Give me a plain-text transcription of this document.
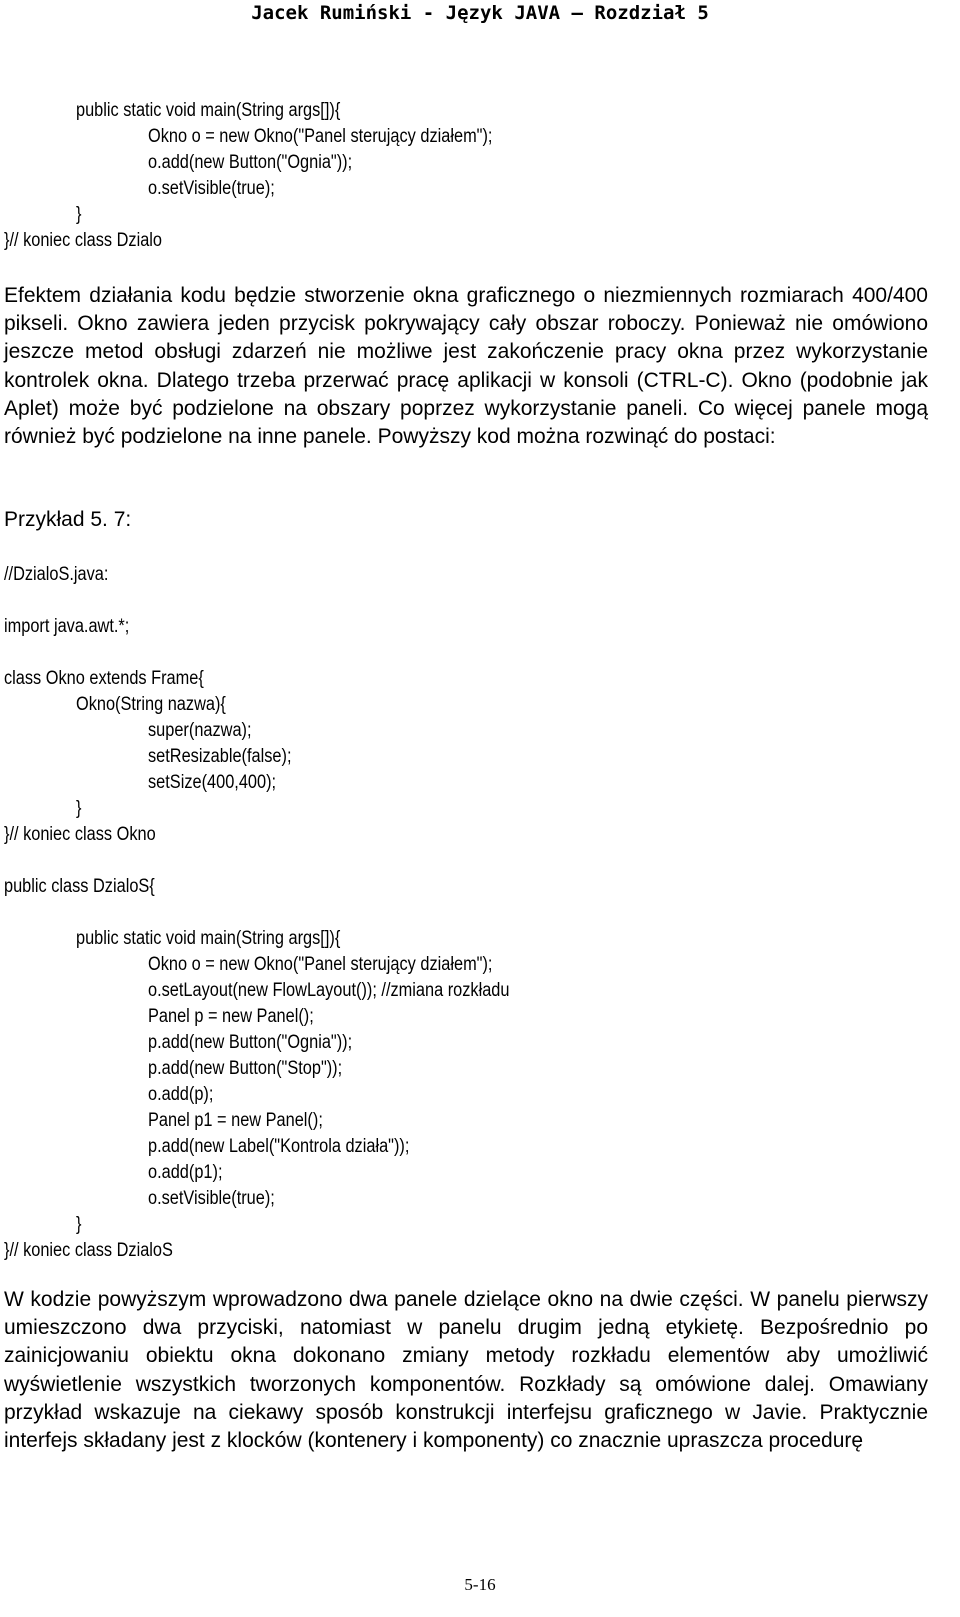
Jacek Rumiński - Język JAVA – Rozdział 5
public static void main(String args[]){
Okno o = new Okno("Panel sterujący działem");
o.add(new Button("Ognia"));
o.setVisible(true);
}
}// koniec class Dzialo

Efektem działania kodu będzie stworzenie okna graficznego o niezmiennych rozmiarach 400/400 pikseli. Okno zawiera jeden przycisk pokrywający cały obszar roboczy. Ponieważ nie omówiono jeszcze metod obsługi zdarzeń nie możliwe jest zakończenie pracy okna przez wykorzystanie kontrolek okna. Dlatego trzeba przerwać pracę aplikacji w konsoli (CTRL-C). Okno (podobnie jak Aplet) może być podzielone na obszary poprzez wykorzystanie paneli. Co więcej panele mogą również być podzielone na inne panele. Powyższy kod można rozwinąć do postaci:

Przykład 5. 7:
//DzialoS.java:
import java.awt.*;
class Okno extends Frame{
Okno(String nazwa){
super(nazwa);
setResizable(false);
setSize(400,400);
}
}// koniec class Okno
public class DzialoS{
public static void main(String args[]){
Okno o = new Okno("Panel sterujący działem");
o.setLayout(new FlowLayout()); //zmiana rozkładu
Panel p = new Panel();
p.add(new Button("Ognia"));
p.add(new Button("Stop"));
o.add(p);
Panel p1 = new Panel();
p.add(new Label("Kontrola działa"));
o.add(p1);
o.setVisible(true);
}
}// koniec class DzialoS

W kodzie powyższym wprowadzono dwa panele dzielące okno na dwie części. W panelu pierwszy umieszczono dwa przyciski, natomiast w panelu drugim jedną etykietę. Bezpośrednio po zainicjowaniu obiektu okna dokonano zmiany metody rozkładu elementów aby umożliwić wyświetlenie wszystkich tworzonych komponentów. Rozkłady są omówione dalej. Omawiany przykład wskazuje na ciekawy sposób konstrukcji interfejsu graficznego w Javie. Praktycznie interfejs składany jest z klocków (kontenery i komponenty) co znacznie upraszcza procedurę

5-16
